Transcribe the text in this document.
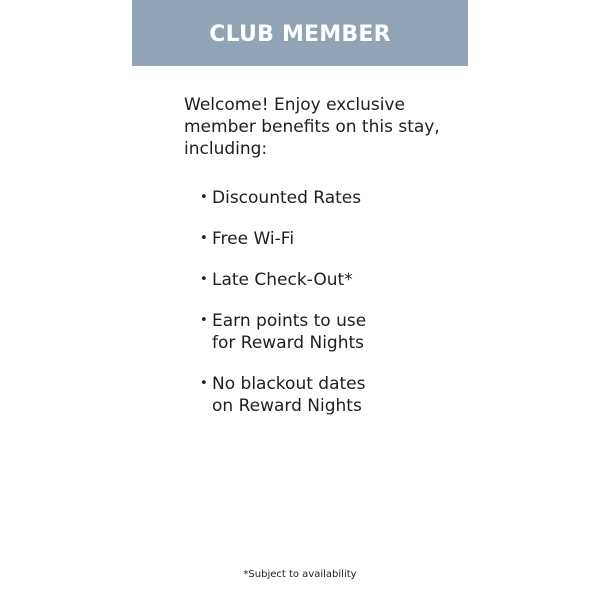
CLUB MEMBER
Welcome! Enjoy exclusive member benefits on this stay, including:
• Discounted Rates
• Free Wi-Fi
• Late Check-Out*
• Earn points to use
for Reward Nights
• No blackout dates
on Reward Nights
*Subject to availability
